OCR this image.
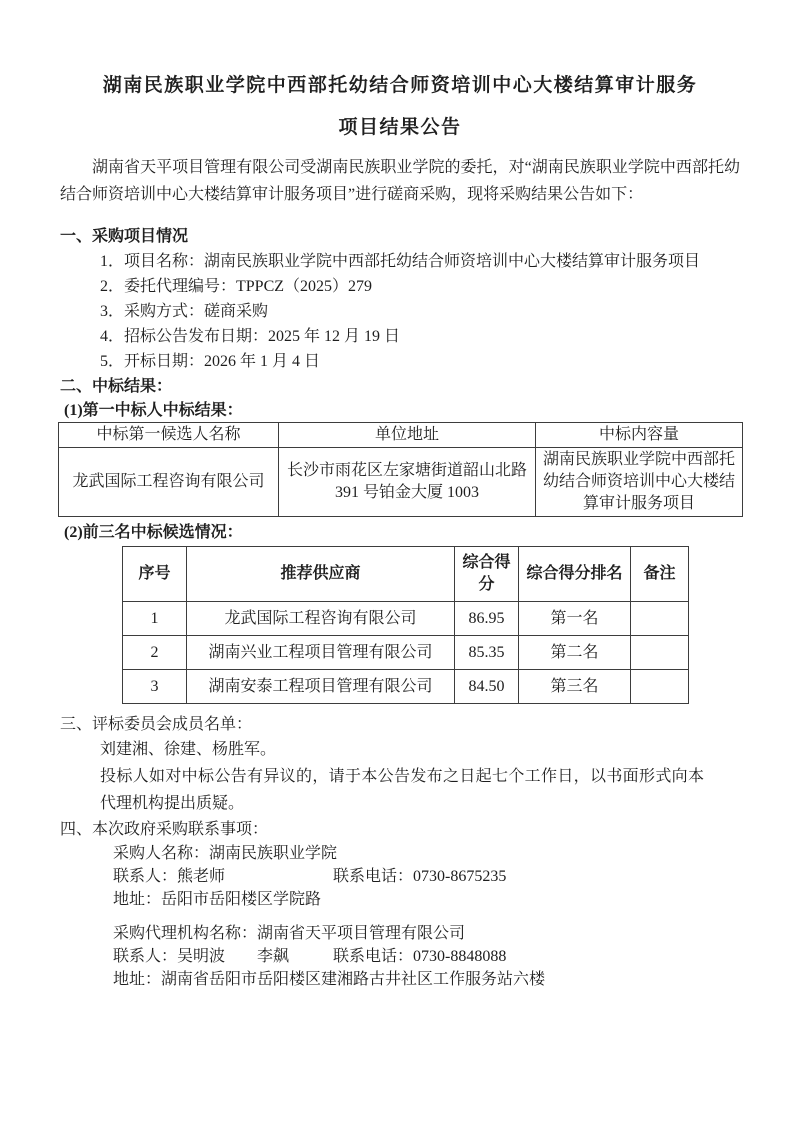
湖南民族职业学院中西部托幼结合师资培训中心大楼结算审计服务
项目结果公告

湖南省天平项目管理有限公司受湖南民族职业学院的委托，对“湖南民族职业学院中西部托幼结合师资培训中心大楼结算审计服务项目”进行磋商采购，现将采购结果公告如下：

一、采购项目情况
1．项目名称：湖南民族职业学院中西部托幼结合师资培训中心大楼结算审计服务项目
2．委托代理编号：TPPCZ（2025）279
3．采购方式：磋商采购
4．招标公告发布日期：2025 年 12 月 19 日
5．开标日期：2026 年 1 月 4 日
二、中标结果：
(1)第一中标人中标结果：
中标第一候选人名称	单位地址	中标内容量
龙武国际工程咨询有限公司	长沙市雨花区左家塘街道韶山北路 391 号铂金大厦 1003	湖南民族职业学院中西部托幼结合师资培训中心大楼结算审计服务项目
(2)前三名中标候选情况：
序号	推荐供应商	综合得分	综合得分排名	备注
1	龙武国际工程咨询有限公司	86.95	第一名	
2	湖南兴业工程项目管理有限公司	85.35	第二名	
3	湖南安泰工程项目管理有限公司	84.50	第三名	
三、评标委员会成员名单：
刘建湘、徐建、杨胜军。

投标人如对中标公告有异议的，请于本公告发布之日起七个工作日，以书面形式向本代理机构提出质疑。

四、本次政府采购联系事项：
采购人名称：湖南民族职业学院
联系人：熊老师	联系电话：0730-8675235
地址：岳阳市岳阳楼区学院路
采购代理机构名称：湖南省天平项目管理有限公司
联系人：吴明波　　李飙	联系电话：0730-8848088
地址：湖南省岳阳市岳阳楼区建湘路古井社区工作服务站六楼
